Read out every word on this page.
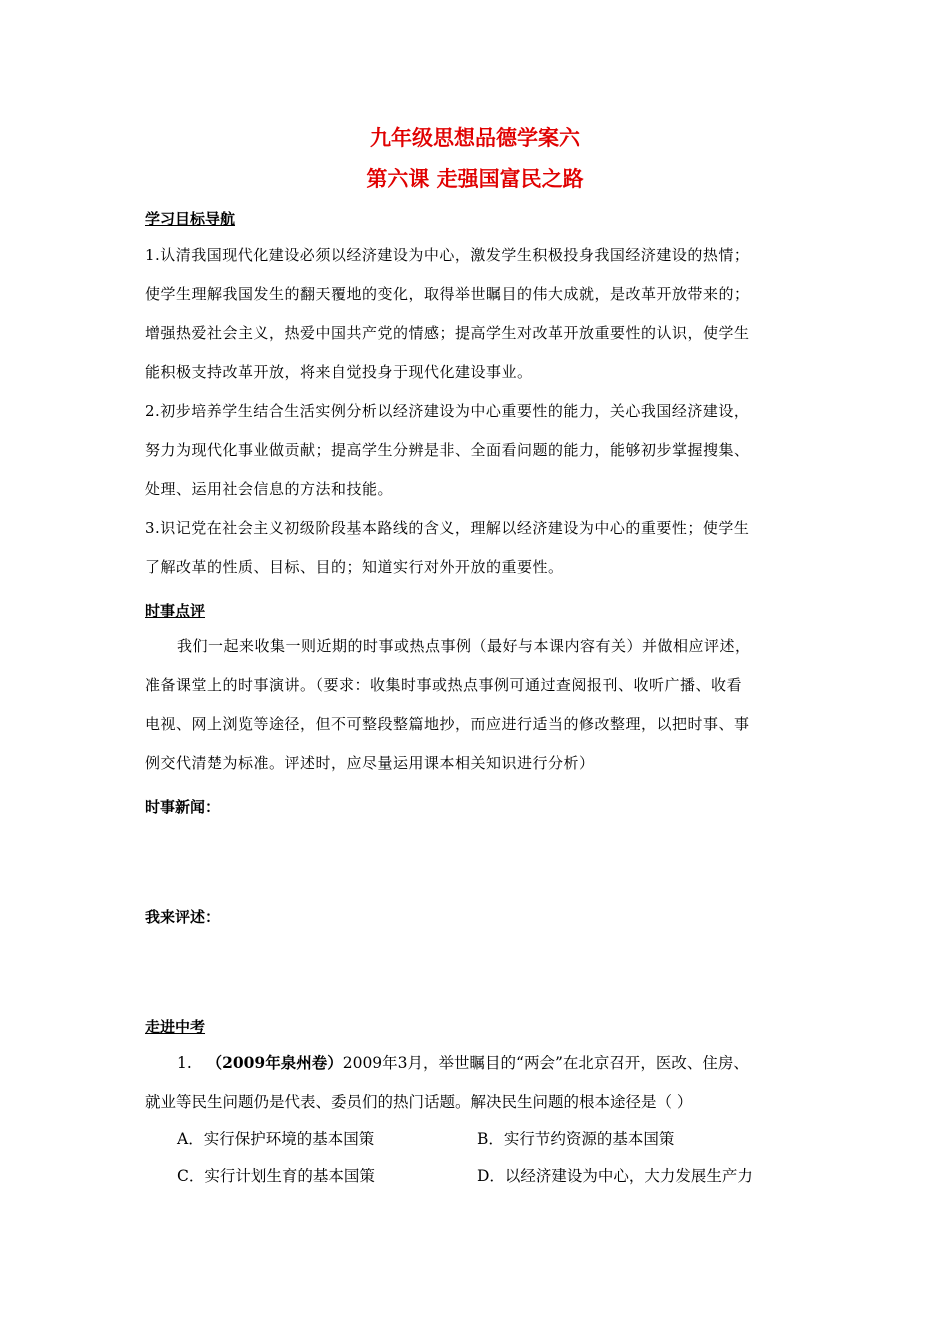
九年级思想品德学案六
第六课 走强国富民之路
学习目标导航
1.认清我国现代化建设必须以经济建设为中心，激发学生积极投身我国经济建设的热情；
使学生理解我国发生的翻天覆地的变化，取得举世瞩目的伟大成就，是改革开放带来的；
增强热爱社会主义，热爱中国共产党的情感；提高学生对改革开放重要性的认识，使学生
能积极支持改革开放，将来自觉投身于现代化建设事业。
2.初步培养学生结合生活实例分析以经济建设为中心重要性的能力，关心我国经济建设，
努力为现代化事业做贡献；提高学生分辨是非、全面看问题的能力，能够初步掌握搜集、
处理、运用社会信息的方法和技能。
3.识记党在社会主义初级阶段基本路线的含义，理解以经济建设为中心的重要性；使学生
了解改革的性质、目标、目的；知道实行对外开放的重要性。
时事点评
我们一起来收集一则近期的时事或热点事例（最好与本课内容有关）并做相应评述，
准备课堂上的时事演讲。（要求：收集时事或热点事例可通过查阅报刊、收听广播、收看
电视、网上浏览等途径，但不可整段整篇地抄，而应进行适当的修改整理，以把时事、事
例交代清楚为标准。评述时，应尽量运用课本相关知识进行分析）
时事新闻：
我来评述：
走进中考
1. （2009年泉州卷）2009年3月，举世瞩目的“两会”在北京召开，医改、住房、
就业等民生问题仍是代表、委员们的热门话题。解决民生问题的根本途径是（ ）
A．实行保护环境的基本国策	B．实行节约资源的基本国策
C．实行计划生育的基本国策	D．以经济建设为中心，大力发展生产力
